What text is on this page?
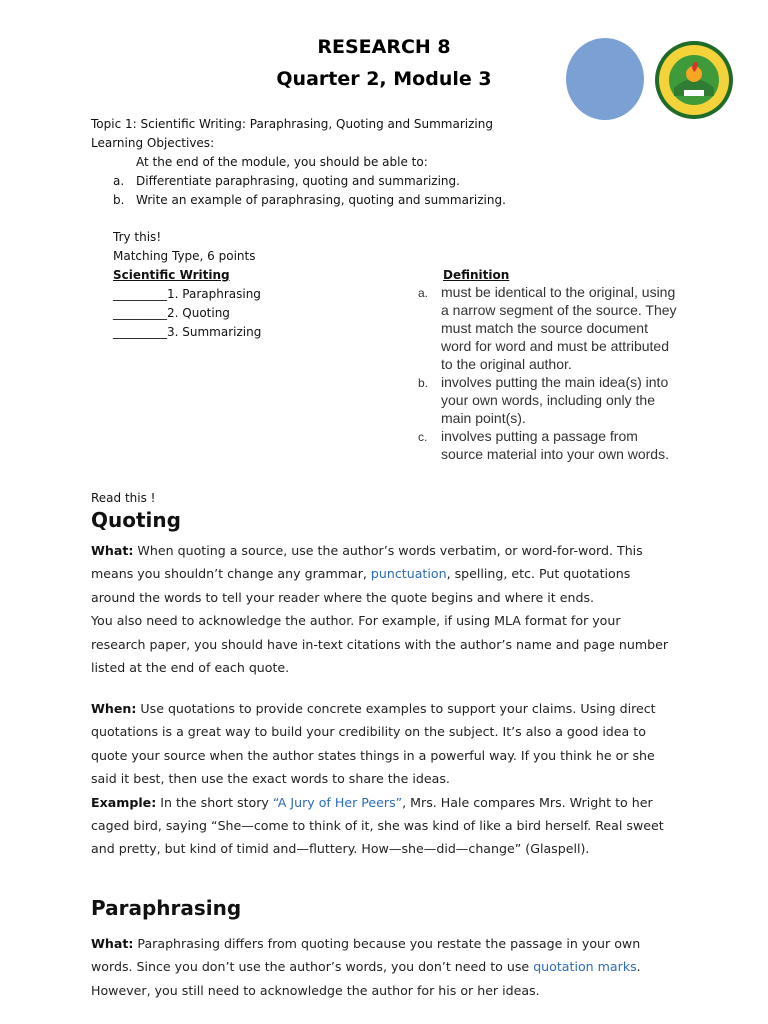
RESEARCH 8
Quarter 2, Module 3
Topic 1: Scientific Writing: Paraphrasing, Quoting and Summarizing
Learning Objectives:
At the end of the module, you should be able to:
a. Differentiate paraphrasing, quoting and summarizing.
b. Write an example of paraphrasing, quoting and summarizing.
Try this!
Matching Type, 6 points
Scientific Writing	Definition
_________1. Paraphrasing
_________2. Quoting
_________3. Summarizing
a. must be identical to the original, using
a narrow segment of the source. They
must match the source document
word for word and must be attributed
to the original author.
b. involves putting the main idea(s) into
your own words, including only the
main point(s).
c. involves putting a passage from
source material into your own words.
Read this !
Quoting

What: When quoting a source, use the author’s words verbatim, or word-for-word. This

means you shouldn’t change any grammar, punctuation, spelling, etc. Put quotations

around the words to tell your reader where the quote begins and where it ends.

You also need to acknowledge the author. For example, if using MLA format for your

research paper, you should have in-text citations with the author’s name and page number

listed at the end of each quote.

When: Use quotations to provide concrete examples to support your claims. Using direct

quotations is a great way to build your credibility on the subject. It’s also a good idea to

quote your source when the author states things in a powerful way. If you think he or she

said it best, then use the exact words to share the ideas.

Example: In the short story “A Jury of Her Peers”, Mrs. Hale compares Mrs. Wright to her

caged bird, saying “She—come to think of it, she was kind of like a bird herself. Real sweet

and pretty, but kind of timid and—fluttery. How—she—did—change” (Glaspell).

Paraphrasing

What: Paraphrasing differs from quoting because you restate the passage in your own

words. Since you don’t use the author’s words, you don’t need to use quotation marks.

However, you still need to acknowledge the author for his or her ideas.
